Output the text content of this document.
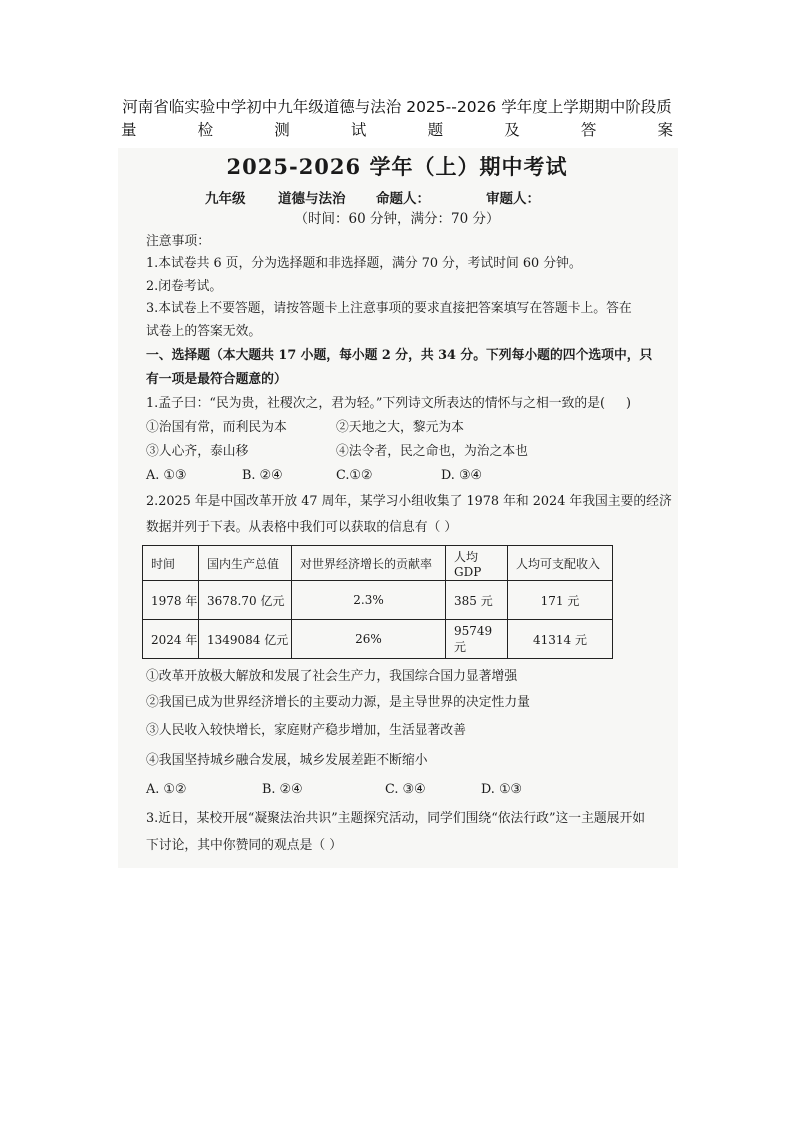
河南省临实验中学初中九年级道德与法治 2025--2026 学年度上学期期中阶段质
量	检	测	试	题	及	答	案
2025-2026 学年（上）期中考试
九年级 道德与法治 命题人：	审题人：
（时间：60 分钟，满分：70 分）
注意事项：
1.本试卷共 6 页，分为选择题和非选择题，满分 70 分，考试时间 60 分钟。
2.闭卷考试。
3.本试卷上不要答题，请按答题卡上注意事项的要求直接把答案填写在答题卡上。答在
试卷上的答案无效。
一、选择题（本大题共 17 小题，每小题 2 分，共 34 分。下列每小题的四个选项中，只
有一项是最符合题意的）
1.孟子曰：“民为贵，社稷次之，君为轻。”下列诗文所表达的情怀与之相一致的是( )
①治国有常，而利民为本	②天地之大，黎元为本
③人心齐，泰山移	④法令者，民之命也，为治之本也
A. ①③	B. ②④	C.①②	D. ③④
2.2025 年是中国改革开放 47 周年，某学习小组收集了 1978 年和 2024 年我国主要的经济
数据并列于下表。从表格中我们可以获取的信息有（ ）
时间	国内生产总值	对世界经济增长的贡献率	人均 GDP	人均可支配收入
1978 年	3678.70 亿元	2.3%	385 元	171 元
2024 年	1349084 亿元	26%	95749 元	41314 元
①改革开放极大解放和发展了社会生产力，我国综合国力显著增强
②我国已成为世界经济增长的主要动力源，是主导世界的决定性力量
③人民收入较快增长，家庭财产稳步增加，生活显著改善
④我国坚持城乡融合发展，城乡发展差距不断缩小
A. ①②	B. ②④	C. ③④	D. ①③
3.近日，某校开展“凝聚法治共识”主题探究活动，同学们围绕“依法行政”这一主题展开如
下讨论，其中你赞同的观点是（ ）
